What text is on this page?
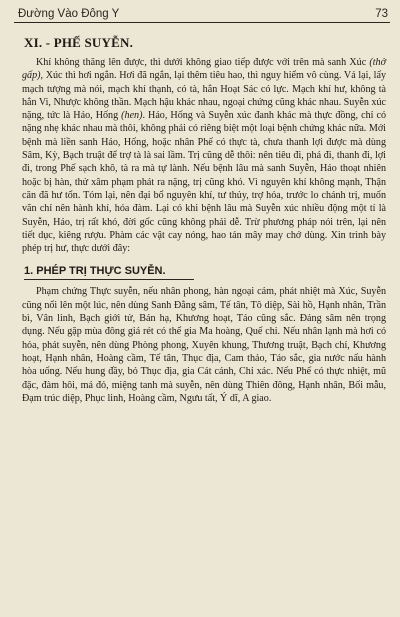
Đường Vào Đông Y	73
XI. - PHẾ SUYỄN.

Khí không thăng lên được, thì dưới không giao tiếp được với trên mà sanh Xúc (thở gấp), Xúc thì hơi ngắn. Hơi đã ngắn, lại thêm tiêu hao, thì nguy hiểm vô cùng. Vả lại, lấy mạch tượng mà nói, mạch khí thạnh, có tà, hẳn Hoạt Sác có lực. Mạch khí hư, không tà hẳn Vi, Nhược không thần. Mạch hậu khác nhau, ngoại chứng cũng khác nhau. Suyễn xúc nặng, tức là Háo, Hống (hen). Háo, Hống và Suyễn xúc đanh khác mà thực đồng, chỉ có nặng nhẹ khác nhau mà thôi, không phải có riêng biệt một loại bệnh chứng khác nữa. Mới bệnh mà liền sanh Háo, Hống, hoặc nhân Phế có thực tà, chưa thanh lợi được mà dùng Sâm, Kỳ, Bạch truật để trợ tà là sai lầm. Trị cũng dễ thôi: nên tiêu đi, phá đi, thanh đi, lợi đi, trong Phế sạch khô, tà ra mà tự lành. Nếu bệnh lâu mà sanh Suyễn, Háo thoạt nhiên hoặc bị hàn, thử xâm phạm phát ra nặng, trị cũng khó. Vì nguyên khí không mạnh, Thận căn đã hư tổn. Tóm lại, nên đại bổ nguyên khí, tư thủy, trợ hỏa, trước lo chánh trị, muốn vãn chỉ nên hành khí, hóa đàm. Lại có khi bệnh lâu mà Suyễn xúc nhiều động một tí là Suyễn, Háo, trị rất khó, đời gốc cũng không phải dễ. Trừ phương pháp nói trên, lại nên tiết dục, kiêng rượu. Phàm các vật cay nóng, hao tán mây may chớ dùng. Xin trình bày phép trị hư, thực dưới đây:

1. PHÉP TRỊ THỰC SUYỄN.

Phạm chứng Thực suyễn, nếu nhân phong, hàn ngoại cảm, phát nhiệt mà Xúc, Suyễn cũng nổi lên một lúc, nên dùng Sanh Đằng sâm, Tế tân, Tô diệp, Sài hồ, Hạnh nhân, Trần bì, Vân linh, Bạch giới tử, Bán hạ, Khương hoạt, Táo cũng sắc. Đảng sâm nên trọng dụng. Nếu gặp mùa đông giá rét có thể gia Ma hoàng, Quế chi. Nếu nhân lạnh mà hơi có hỏa, phát suyễn, nên dùng Phòng phong, Xuyên khung, Thương truật, Bạch chỉ, Khương hoạt, Hạnh nhân, Hoàng cầm, Tế tân, Thục địa, Cam thảo, Táo sắc, gia nước nấu hành hòa uống. Nếu hung đầy, bỏ Thục địa, gia Cát cánh, Chỉ xác. Nếu Phế có thực nhiệt, mũ đặc, đàm hôi, má đỏ, miệng tanh mà suyễn, nên dùng Thiên đông, Hạnh nhân, Bối mẫu, Đạm trúc diệp, Phục linh, Hoàng cầm, Ngưu tất, Ý dĩ, A giao.
